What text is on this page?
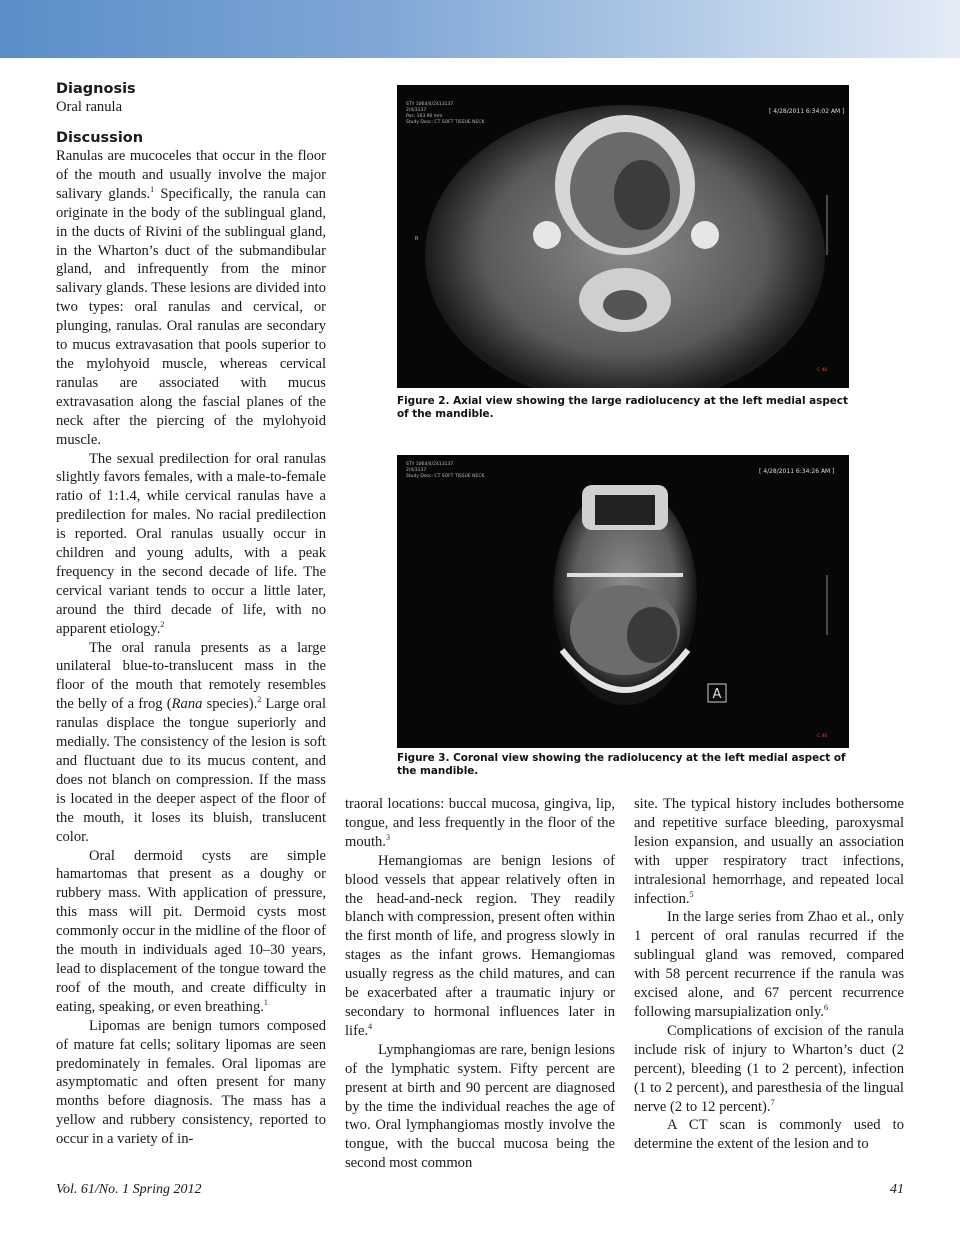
Diagnosis

Oral ranula

Discussion

Ranulas are mucoceles that occur in the floor of the mouth and usually involve the major salivary glands.$^1$ Specifically, the ranula can originate in the body of the sublingual gland, in the ducts of Rivini of the sublingual gland, in the Wharton’s duct of the submandibular gland, and infrequently from the minor salivary glands. These lesions are divided into two types: oral ranulas and cervical, or plunging, ranulas. Oral ranulas are secondary to mucus extravasation that pools superior to the mylohyoid muscle, whereas cervical ranulas are associated with mucus extravasation along the fascial planes of the neck after the piercing of the mylohyoid muscle.

The sexual predilection for oral ranulas slightly favors females, with a male-to-female ratio of 1:1.4, while cervical ranulas have a predilection for males. No racial predilection is reported. Oral ranulas usually occur in children and young adults, with a peak frequency in the second decade of life. The cervical variant tends to occur a little later, around the third decade of life, with no apparent etiology.$^2$

The oral ranula presents as a large unilateral blue-to-translucent mass in the floor of the mouth that remotely resembles the belly of a frog (Rana species).$^2$ Large oral ranulas displace the tongue superiorly and medially. The consistency of the lesion is soft and fluctuant due to its mucus content, and does not blanch on compression. If the mass is located in the deeper aspect of the floor of the mouth, it loses its bluish, translucent color.

Oral dermoid cysts are simple hamartomas that present as a doughy or rubbery mass. With application of pressure, this mass will pit. Dermoid cysts most commonly occur in the midline of the floor of the mouth in individuals aged 10–30 years, lead to displacement of the tongue toward the roof of the mouth, and create difficulty in eating, speaking, or even breathing.$^1$

Lipomas are benign tumors composed of mature fat cells; solitary lipomas are seen predominately in females. Oral lipomas are asymptomatic and often present for many months before diagnosis. The mass has a yellow and rubbery consistency, reported to occur in a variety of in-

STY 1064/4/2413137
2/4/3137
Pos: 163.96 mm
Study Desc: CT SOFT TISSUE NECK
[ 4/28/2011 6:34:02 AM ]
R
C 40
Figure 2. Axial view showing the large radiolucency at the left medial aspect of the mandible.
STY 1064/4/2413137
2/4/3137
Study Desc: CT SOFT TISSUE NECK
[ 4/28/2011 6:34:26 AM ]
A
C 40
Figure 3. Coronal view showing the radiolucency at the left medial aspect of the mandible.

traoral locations: buccal mucosa, gingiva, lip, tongue, and less frequently in the floor of the mouth.$^3$

Hemangiomas are benign lesions of blood vessels that appear relatively often in the head-and-neck region. They readily blanch with compression, present often within the first month of life, and progress slowly in stages as the infant grows. Hemangiomas usually regress as the child matures, and can be exacerbated after a traumatic injury or secondary to hormonal influences later in life.$^4$

Lymphangiomas are rare, benign lesions of the lymphatic system. Fifty percent are present at birth and 90 percent are diagnosed by the time the individual reaches the age of two. Oral lymphangiomas mostly involve the tongue, with the buccal mucosa being the second most common

site. The typical history includes bothersome and repetitive surface bleeding, paroxysmal lesion expansion, and usually an association with upper respiratory tract infections, intralesional hemorrhage, and repeated local infection.$^5$

In the large series from Zhao et al., only 1 percent of oral ranulas recurred if the sublingual gland was removed, compared with 58 percent recurrence if the ranula was excised alone, and 67 percent recurrence following marsupialization only.$^6$

Complications of excision of the ranula include risk of injury to Wharton’s duct (2 percent), bleeding (1 to 2 percent), infection (1 to 2 percent), and paresthesia of the lingual nerve (2 to 12 percent).$^7$

A CT scan is commonly used to determine the extent of the lesion and to

Vol. 61/No. 1 Spring 2012	41
